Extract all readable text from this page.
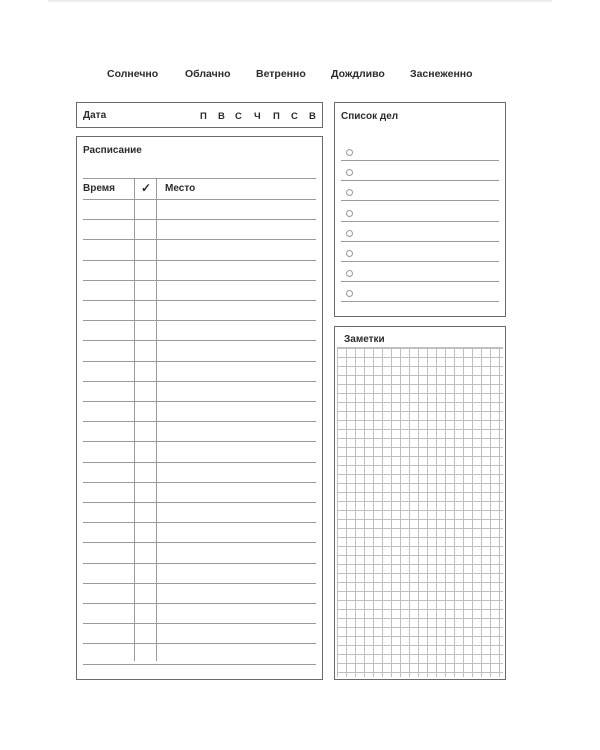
Солнечно	Облачно Ветренно Дождливо Заснеженно
Дата	П В С Ч П С В
Расписание
Время ✓ Место
Список дел
Заметки
